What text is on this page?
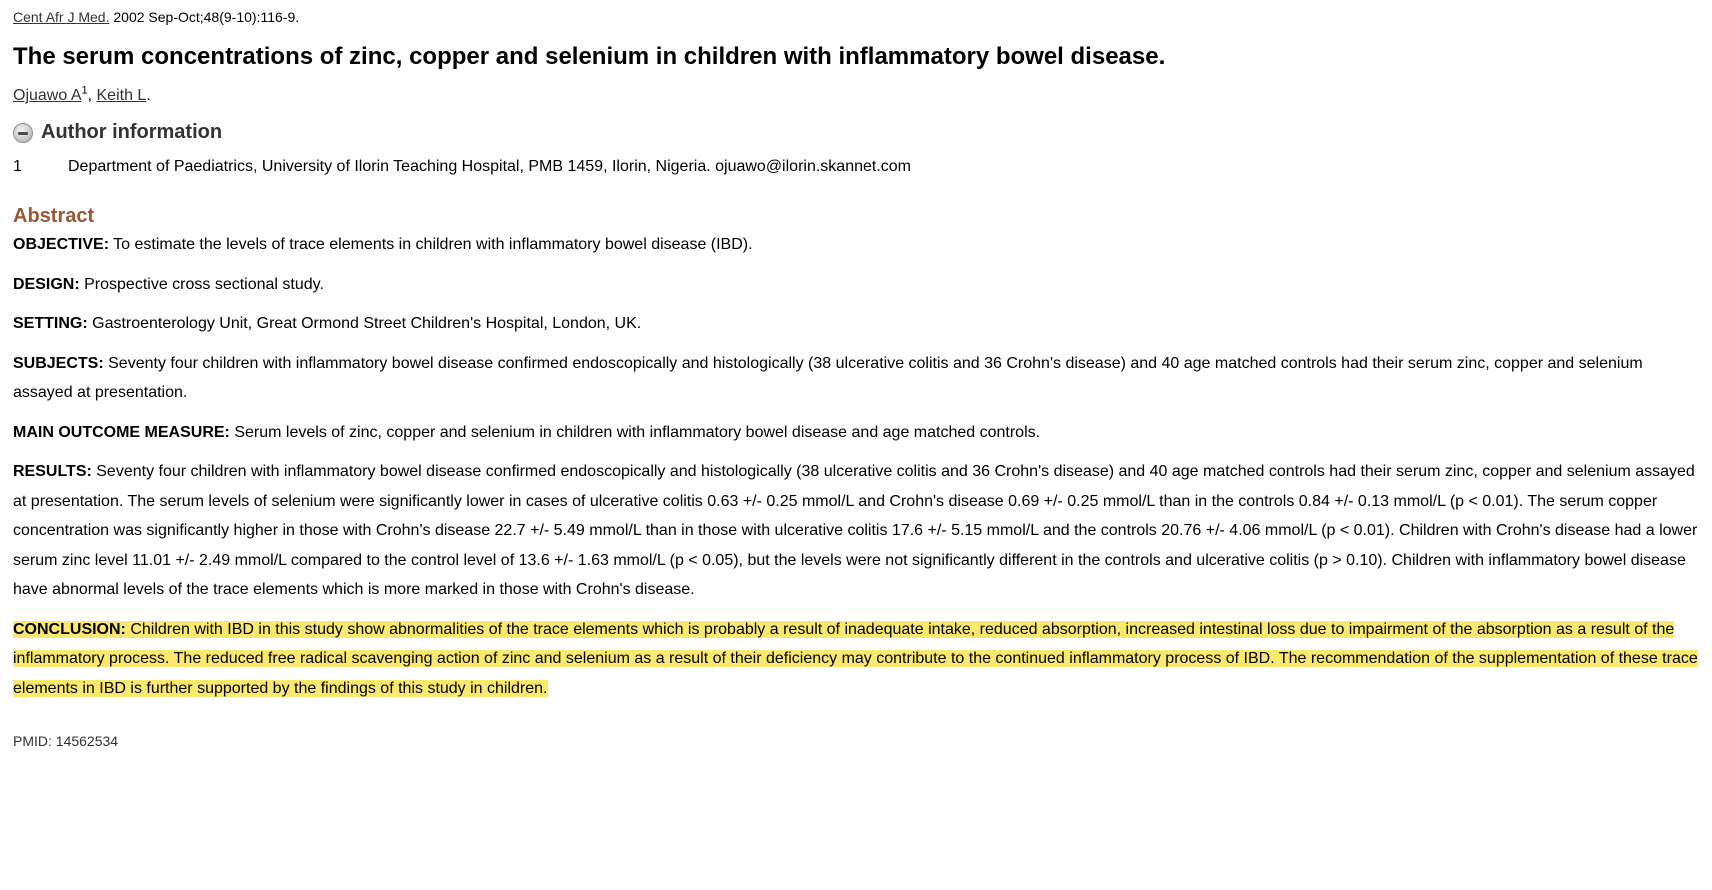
Cent Afr J Med. 2002 Sep-Oct;48(9-10):116-9.

The serum concentrations of zinc, copper and selenium in children with inflammatory bowel disease.
Ojuawo $A^1$, Keith L.
Author information
1	Department of Paediatrics, University of Ilorin Teaching Hospital, PMB 1459, Ilorin, Nigeria. ojuawo@ilorin.skannet.com
Abstract

OBJECTIVE: To estimate the levels of trace elements in children with inflammatory bowel disease (IBD).

DESIGN: Prospective cross sectional study.

SETTING: Gastroenterology Unit, Great Ormond Street Children's Hospital, London, UK.

SUBJECTS: Seventy four children with inflammatory bowel disease confirmed endoscopically and histologically (38 ulcerative colitis and 36 Crohn's disease) and 40 age matched controls had their serum zinc, copper and selenium assayed at presentation.

MAIN OUTCOME MEASURE: Serum levels of zinc, copper and selenium in children with inflammatory bowel disease and age matched controls.

RESULTS: Seventy four children with inflammatory bowel disease confirmed endoscopically and histologically (38 ulcerative colitis and 36 Crohn's disease) and 40 age matched controls had their serum zinc, copper and selenium assayed at presentation. The serum levels of selenium were significantly lower in cases of ulcerative colitis 0.63 +/- 0.25 mmol/L and Crohn's disease 0.69 +/- 0.25 mmol/L than in the controls 0.84 +/- 0.13 mmol/L (p < 0.01). The serum copper concentration was significantly higher in those with Crohn's disease 22.7 +/- 5.49 mmol/L than in those with ulcerative colitis 17.6 +/- 5.15 mmol/L and the controls 20.76 +/- 4.06 mmol/L (p < 0.01). Children with Crohn's disease had a lower serum zinc level 11.01 +/- 2.49 mmol/L compared to the control level of 13.6 +/- 1.63 mmol/L (p < 0.05), but the levels were not significantly different in the controls and ulcerative colitis (p > 0.10). Children with inflammatory bowel disease have abnormal levels of the trace elements which is more marked in those with Crohn's disease.

CONCLUSION: Children with IBD in this study show abnormalities of the trace elements which is probably a result of inadequate intake, reduced absorption, increased intestinal loss due to impairment of the absorption as a result of the inflammatory process. The reduced free radical scavenging action of zinc and selenium as a result of their deficiency may contribute to the continued inflammatory process of IBD. The recommendation of the supplementation of these trace elements in IBD is further supported by the findings of this study in children.

PMID: 14562534
